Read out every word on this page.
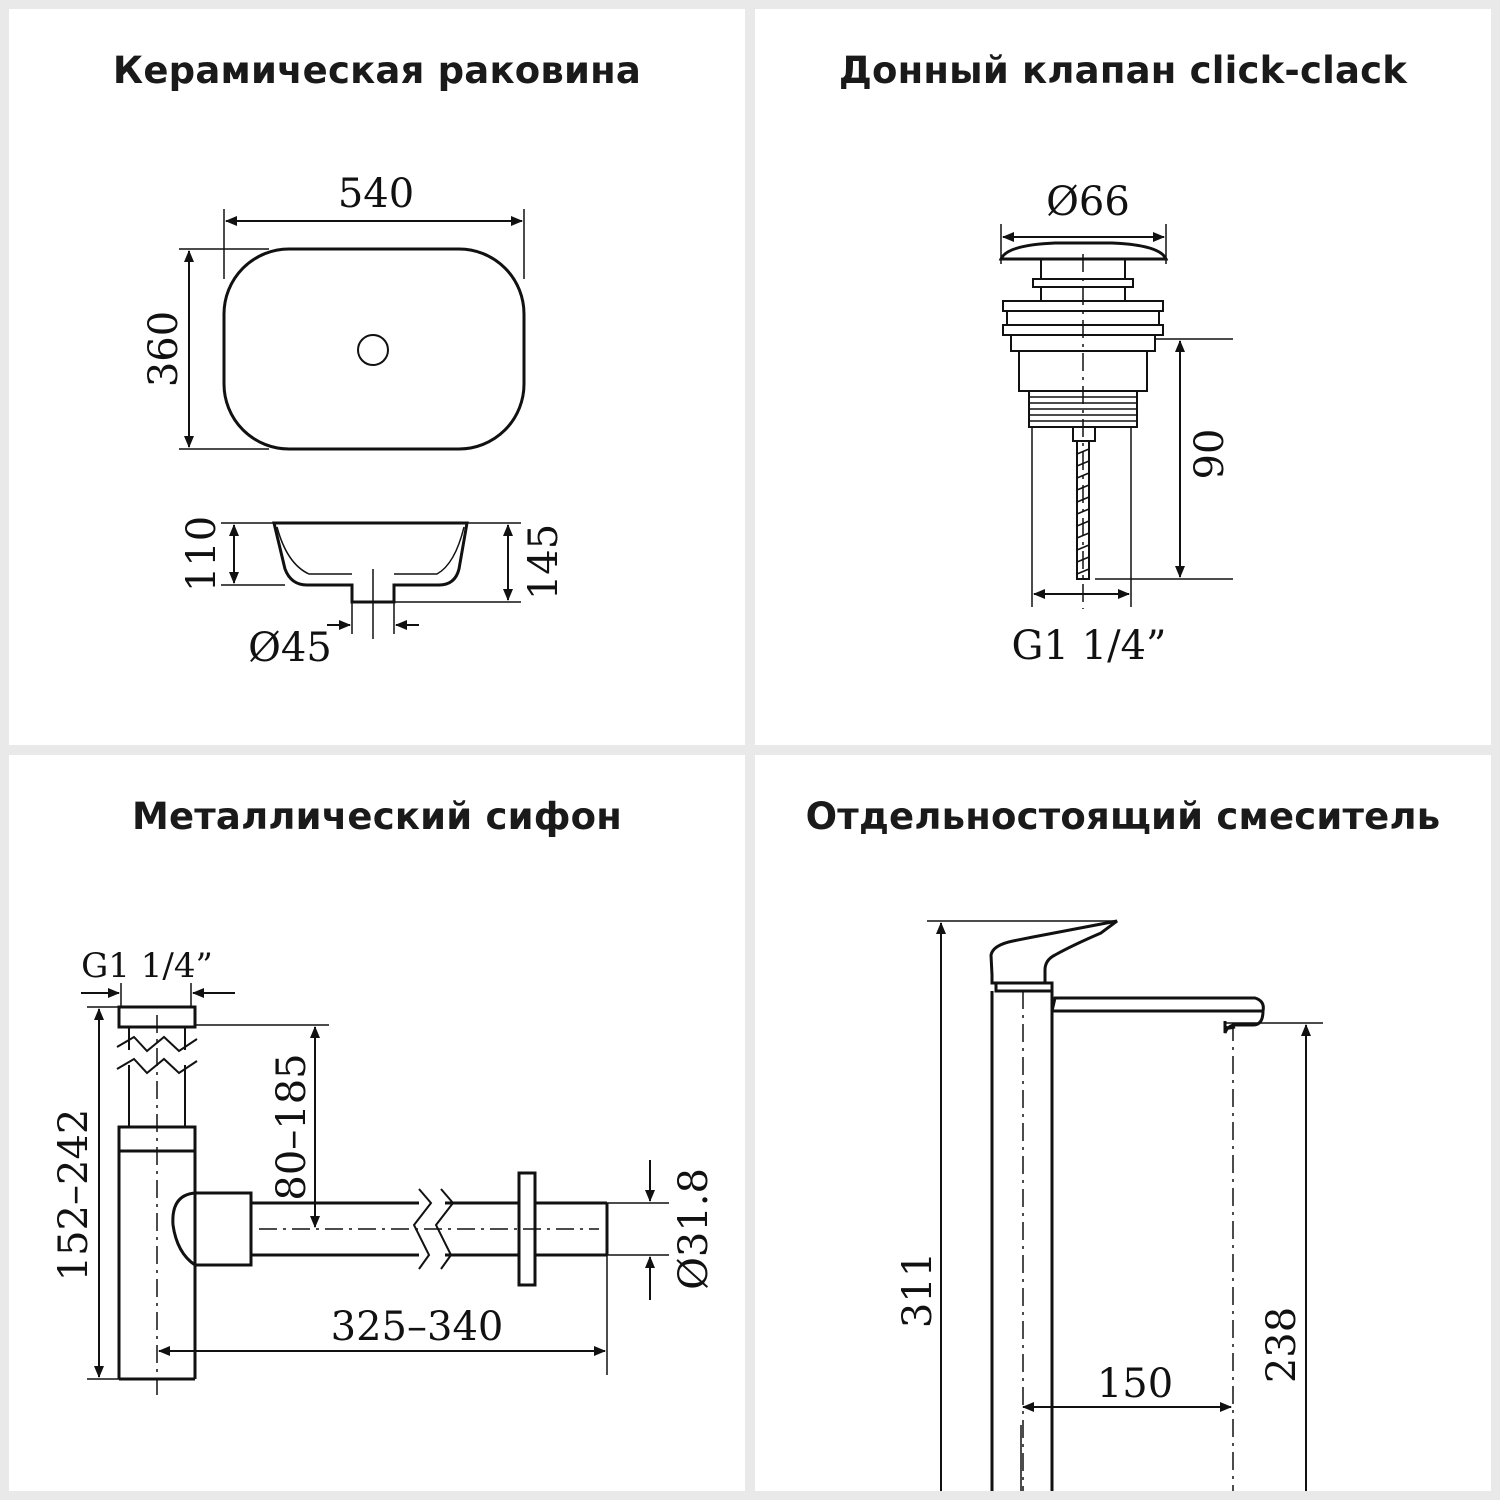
Керамическая раковина
540
360
110	145
Ø45
Донный клапан click-clack
Ø66
90
G1 1/4”
Металлический сифон
G1 1/4”
152–242	80–185
Ø31.8
325–340
Отдельностоящий смеситель
311
238
150
